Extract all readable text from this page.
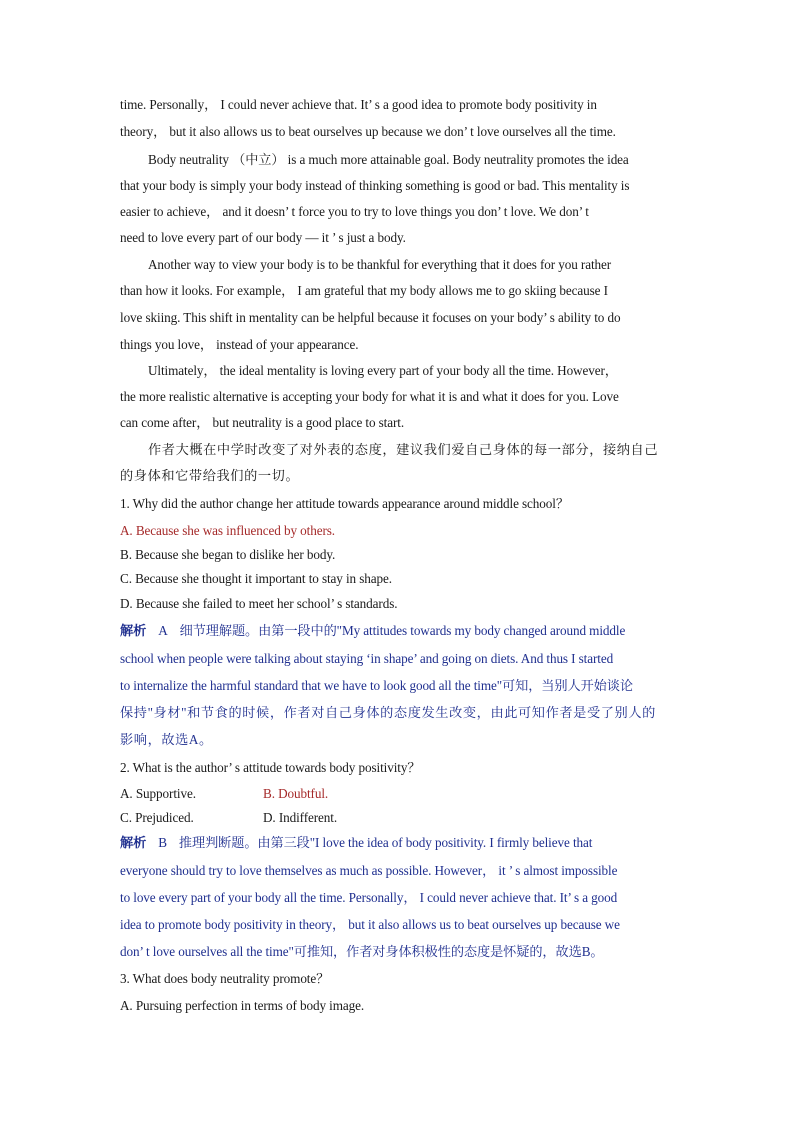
time. Personally， I could never achieve that. It’ s a good idea to promote body positivity in
theory， but it also allows us to beat ourselves up because we don’ t love ourselves all the time.
Body neutrality （中立） is a much more attainable goal. Body neutrality promotes the idea
that your body is simply your body instead of thinking something is good or bad. This mentality is
easier to achieve， and it doesn’ t force you to try to love things you don’ t love. We don’ t
need to love every part of our body — it ’ s just a body.
Another way to view your body is to be thankful for everything that it does for you rather
than how it looks. For example， I am grateful that my body allows me to go skiing because I
love skiing. This shift in mentality can be helpful because it focuses on your body’ s ability to do
things you love， instead of your appearance.
Ultimately， the ideal mentality is loving every part of your body all the time. However，
the more realistic alternative is accepting your body for what it is and what it does for you. Love
can come after， but neutrality is a good place to start.
作者大概在中学时改变了对外表的态度，建议我们爱自己身体的每一部分，接纳自己
的身体和它带给我们的一切。
1. Why did the author change her attitude towards appearance around middle school？
A. Because she was influenced by others.
B. Because she began to dislike her body.
C. Because she thought it important to stay in shape.
D. Because she failed to meet her school’ s standards.
解析 A 细节理解题。由第一段中的"My attitudes towards my body changed around middle
school when people were talking about staying ‘in shape’ and going on diets. And thus I started
to internalize the harmful standard that we have to look good all the time"可知，当别人开始谈论
保持"身材"和节食的时候，作者对自己身体的态度发生改变，由此可知作者是受了别人的
影响，故选A。
2. What is the author’ s attitude towards body positivity？
A. Supportive.	B. Doubtful.
C. Prejudiced.	D. Indifferent.
解析 B 推理判断题。由第三段"I love the idea of body positivity. I firmly believe that
everyone should try to love themselves as much as possible. However， it ’ s almost impossible
to love every part of your body all the time. Personally， I could never achieve that. It’ s a good
idea to promote body positivity in theory， but it also allows us to beat ourselves up because we
don’ t love ourselves all the time"可推知，作者对身体积极性的态度是怀疑的，故选B。
3. What does body neutrality promote？
A. Pursuing perfection in terms of body image.
